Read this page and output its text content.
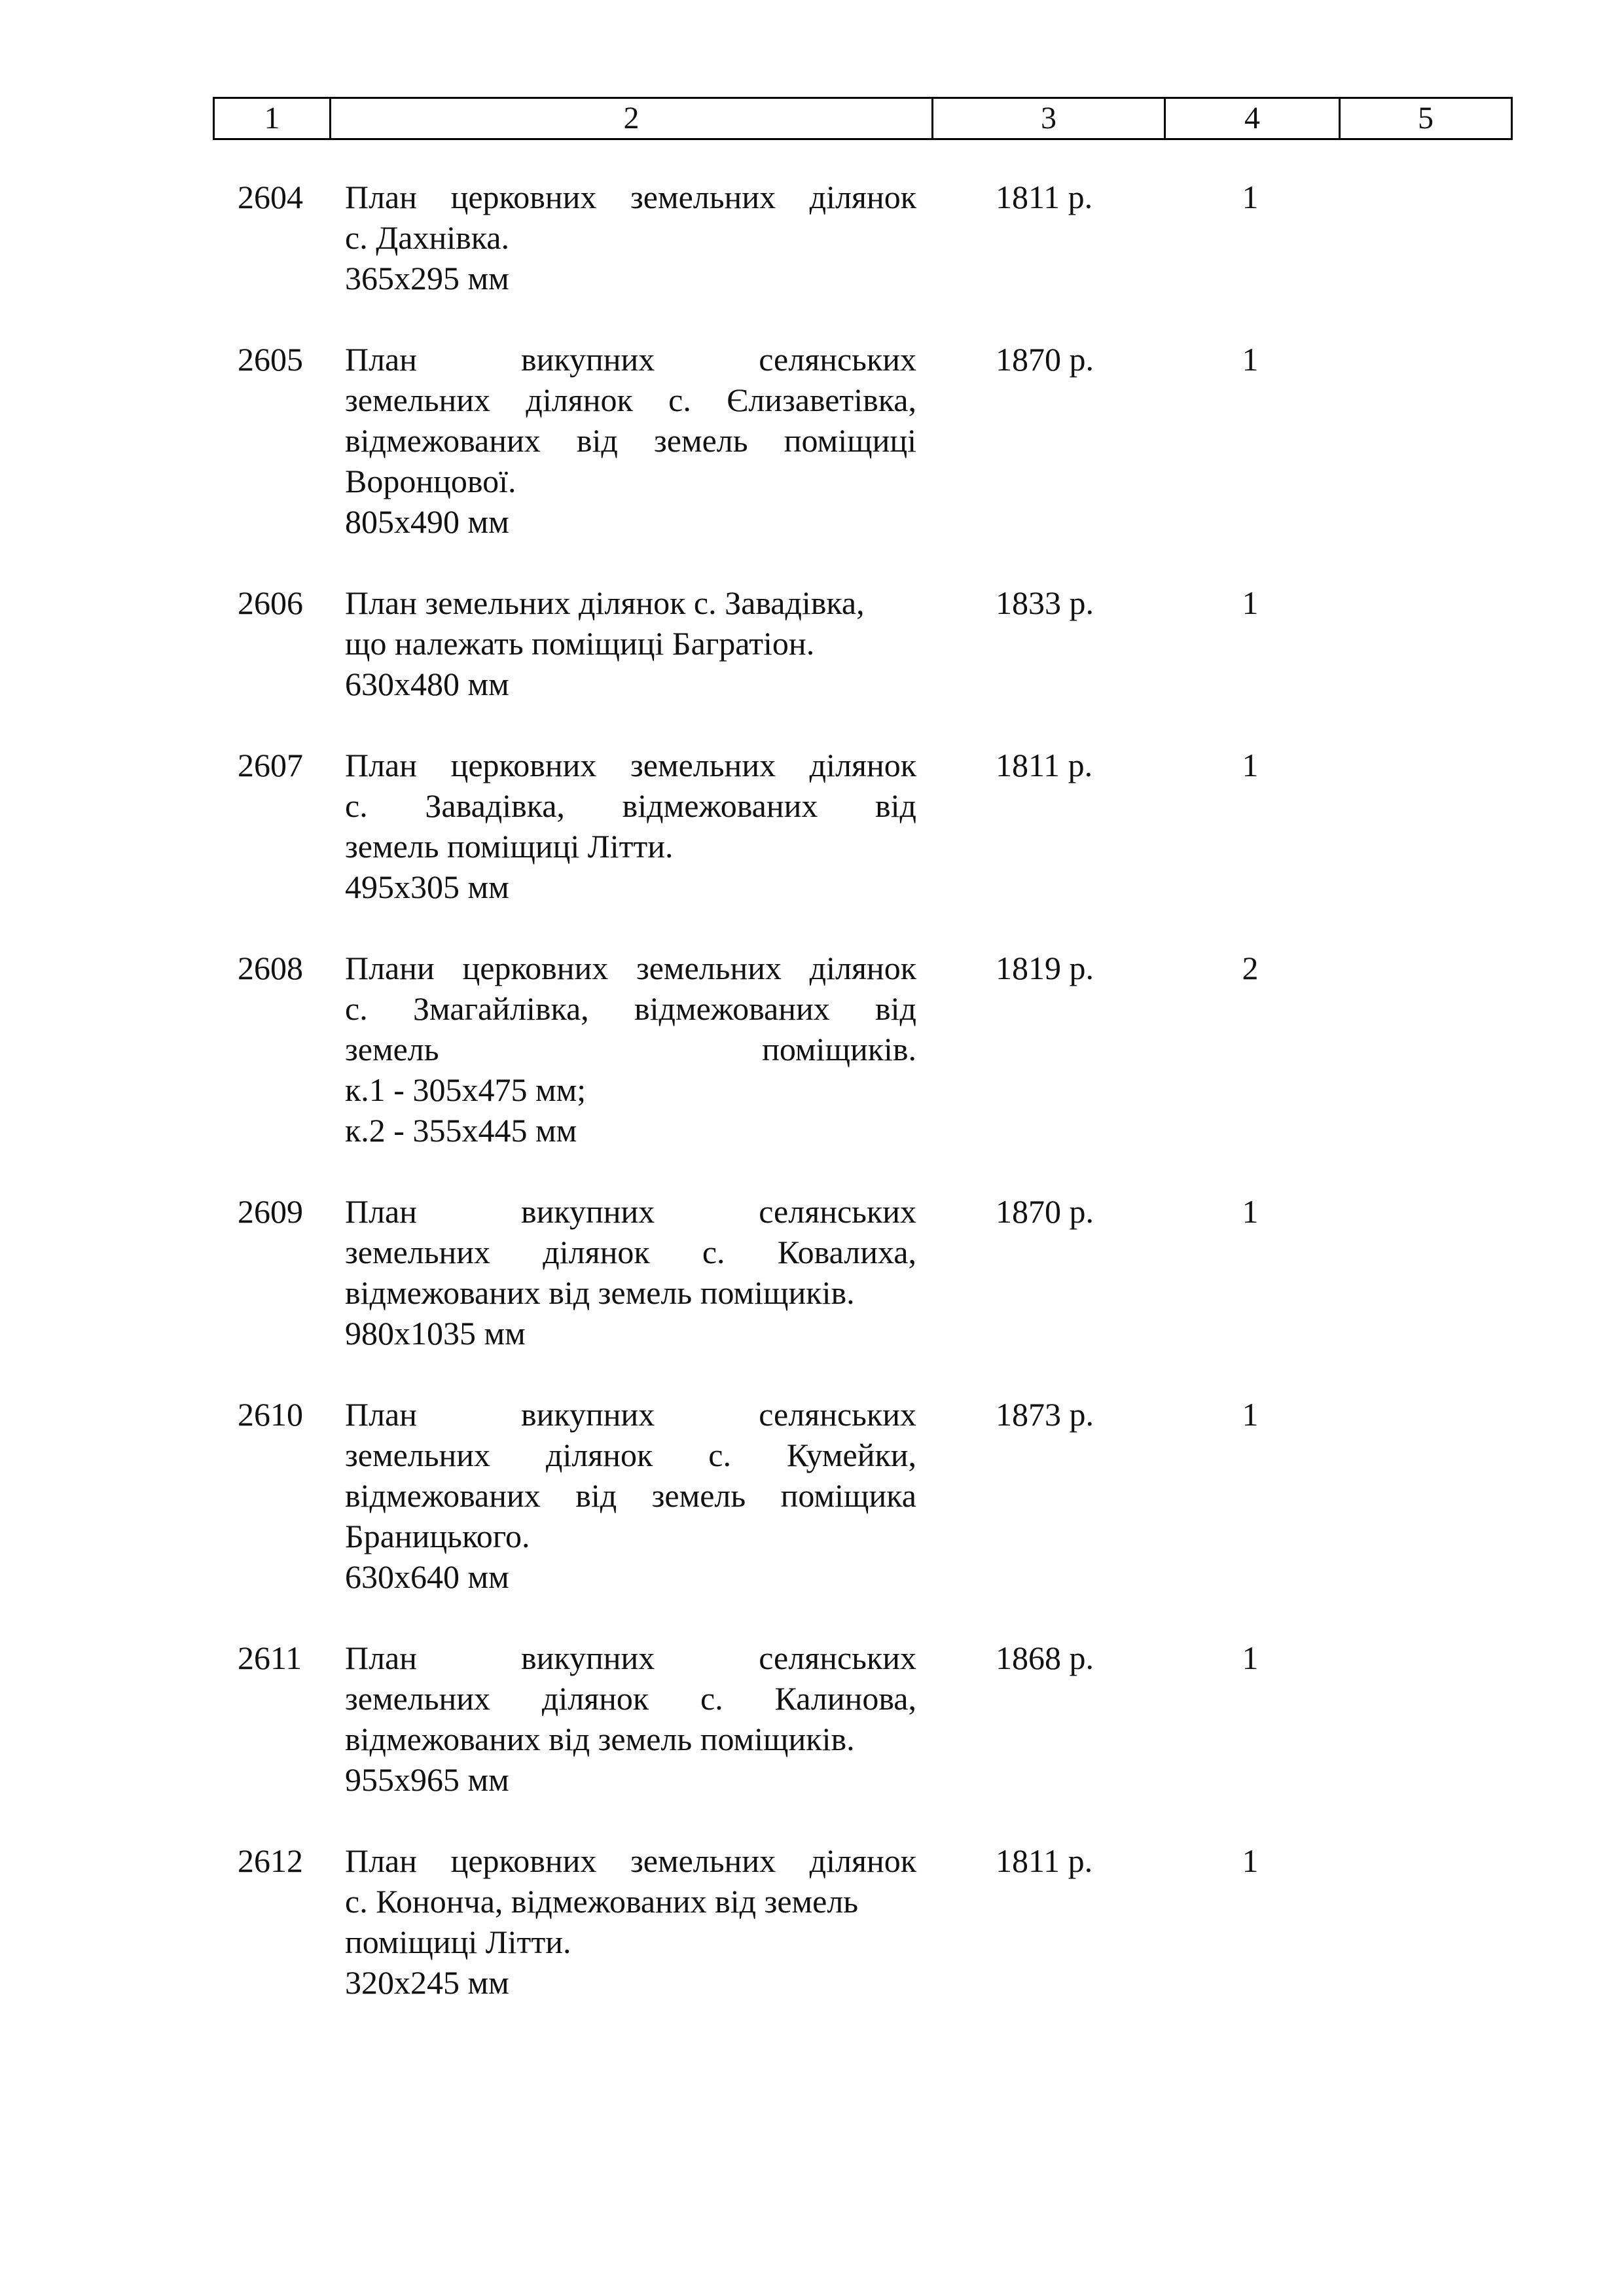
1	2	3	4	5
2604 План церковних земельних ділянок
с. Дахнівка.
365х295 мм
1811 р.	1
2605 План викупних селянських
земельних ділянок с. Єлизаветівка,
відмежованих від земель поміщиці
Воронцової.
805х490 мм
1870 р.	1
2606 План земельних ділянок с. Завадівка,
що належать поміщиці Багратіон.
630х480 мм
1833 р.	1
2607 План церковних земельних ділянок
с. Завадівка, відмежованих від
земель поміщиці Літти.
495х305 мм
1811 р.	1
2608 Плани церковних земельних ділянок
с. Змагайлівка, відмежованих від
земель поміщиків.
к.1 - 305х475 мм;
к.2 - 355х445 мм
1819 р.	2
2609 План викупних селянських
земельних ділянок с. Ковалиха,
відмежованих від земель поміщиків.
980х1035 мм
1870 р.	1
2610 План викупних селянських
земельних ділянок с. Кумейки,
відмежованих від земель поміщика
Браницького.
630х640 мм
1873 р.	1
2611 План викупних селянських
земельних ділянок с. Калинова,
відмежованих від земель поміщиків.
955х965 мм
1868 р.	1
2612 План церковних земельних ділянок
с. Кононча, відмежованих від земель
поміщиці Літти.
320х245 мм
1811 р.	1
